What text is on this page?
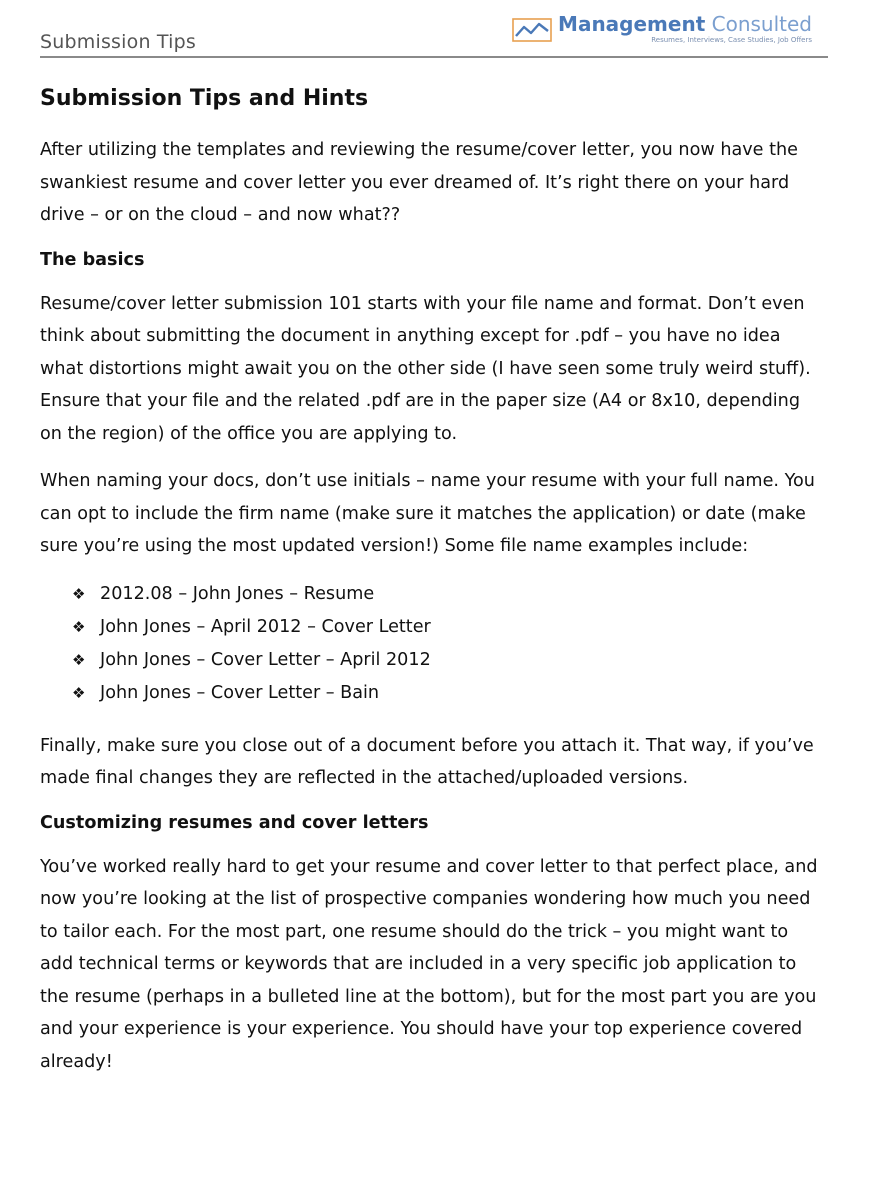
Submission Tips
Management Consulted
Resumes, Interviews, Case Studies, Job Offers
Submission Tips and Hints

After utilizing the templates and reviewing the resume/cover letter, you now have the swankiest resume and cover letter you ever dreamed of. It’s right there on your hard drive – or on the cloud – and now what??

The basics

Resume/cover letter submission 101 starts with your file name and format. Don’t even think about submitting the document in anything except for .pdf – you have no idea what distortions might await you on the other side (I have seen some truly weird stuff). Ensure that your file and the related .pdf are in the paper size (A4 or 8x10, depending on the region) of the office you are applying to.

When naming your docs, don’t use initials – name your resume with your full name. You can opt to include the firm name (make sure it matches the application) or date (make sure you’re using the most updated version!) Some file name examples include:

❖ 2012.08 – John Jones – Resume
❖ John Jones – April 2012 – Cover Letter
❖ John Jones – Cover Letter – April 2012
❖ John Jones – Cover Letter – Bain

Finally, make sure you close out of a document before you attach it. That way, if you’ve made final changes they are reflected in the attached/uploaded versions.

Customizing resumes and cover letters

You’ve worked really hard to get your resume and cover letter to that perfect place, and now you’re looking at the list of prospective companies wondering how much you need to tailor each. For the most part, one resume should do the trick – you might want to add technical terms or keywords that are included in a very specific job application to the resume (perhaps in a bulleted line at the bottom), but for the most part you are you and your experience is your experience. You should have your top experience covered already!
